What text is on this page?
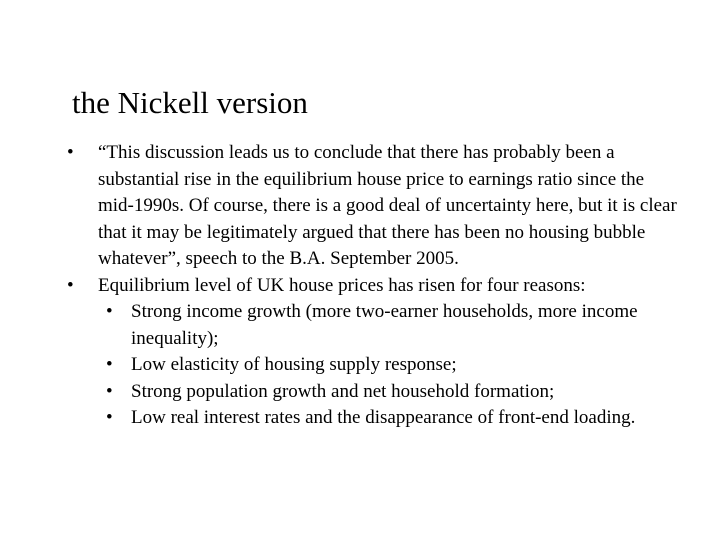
the Nickell version
• “This discussion leads us to conclude that there has probably been a substantial rise in the equilibrium house price to earnings ratio since the mid-1990s. Of course, there is a good deal of uncertainty here, but it is clear that it may be legitimately argued that there has been no housing bubble whatever”, speech to the B.A. September 2005.
• Equilibrium level of UK house prices has risen for four reasons:
• Strong income growth (more two-earner households, more income inequality);
• Low elasticity of housing supply response;
• Strong population growth and net household formation;
• Low real interest rates and the disappearance of front-end loading.
